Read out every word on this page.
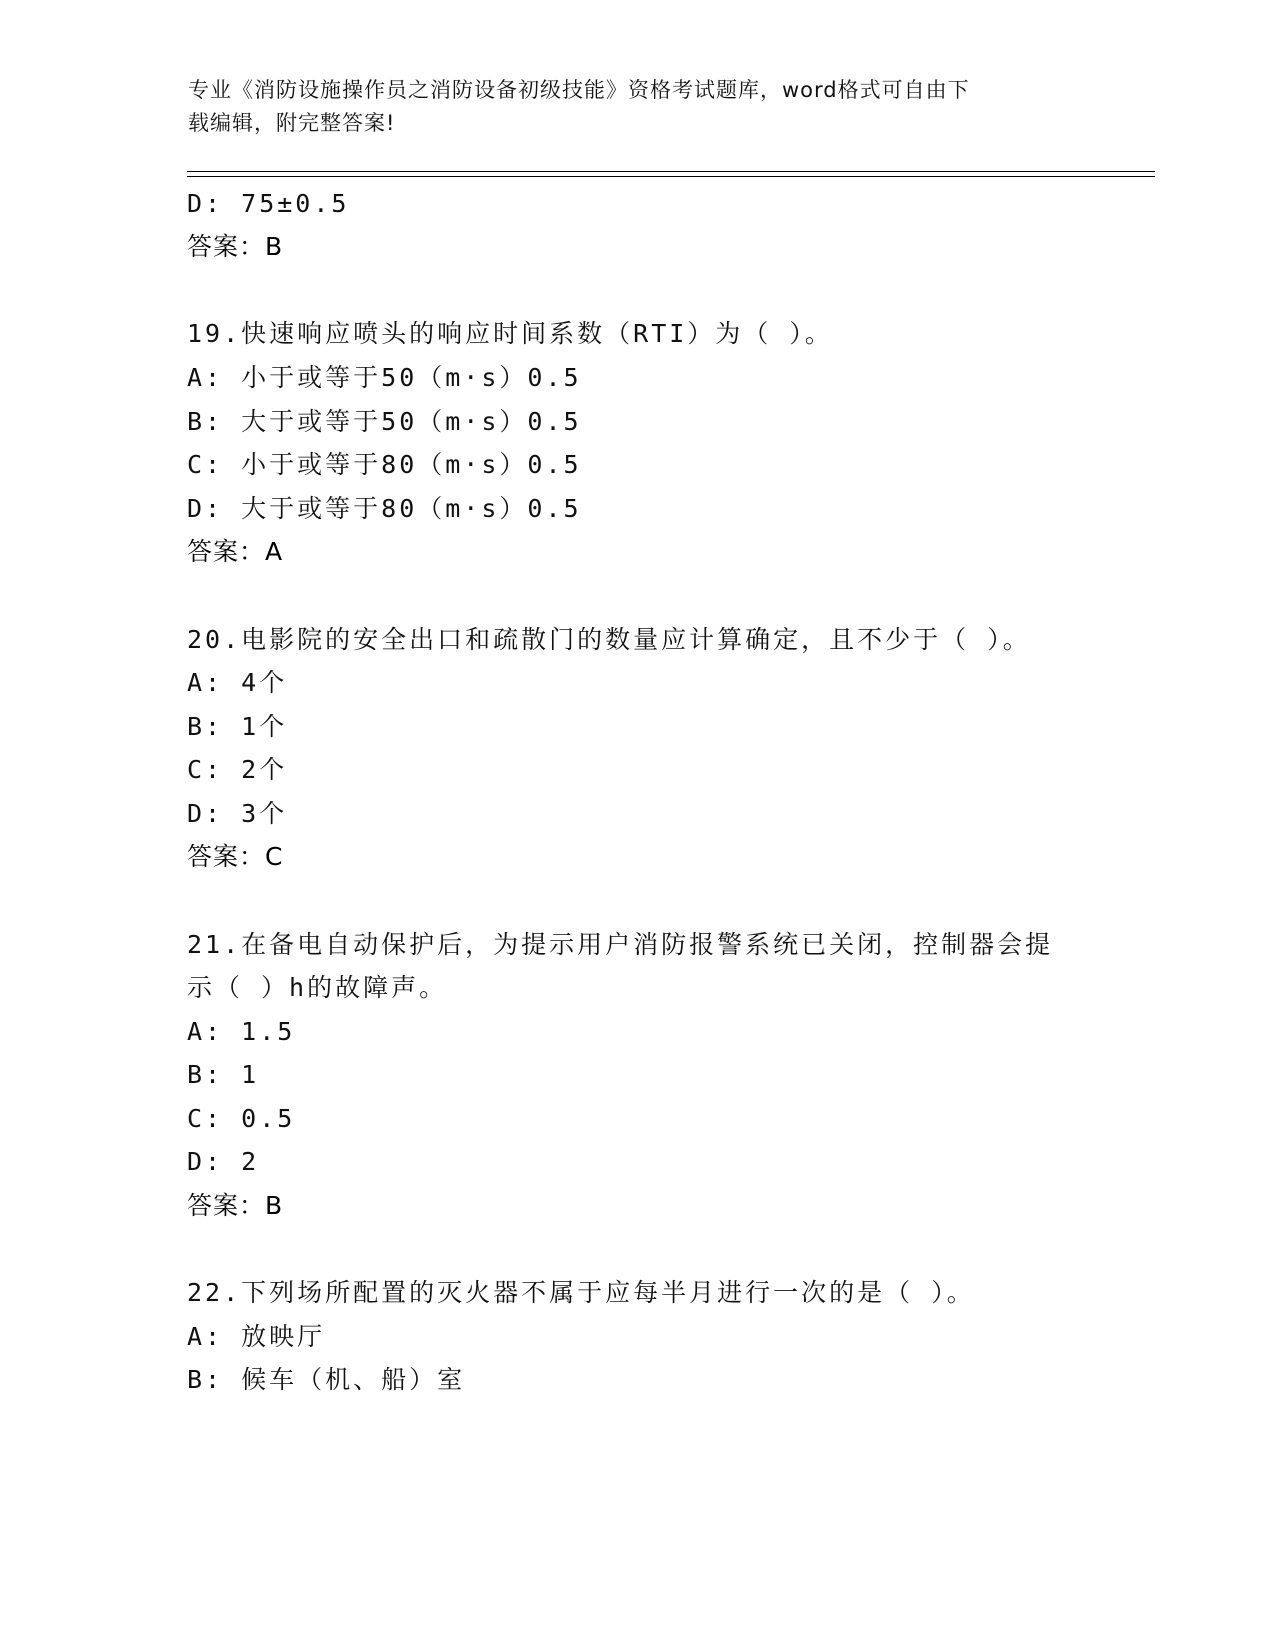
专业《消防设施操作员之消防设备初级技能》资格考试题库，word格式可自由下
载编辑，附完整答案!
D: 75±0.5
答案：B
19.快速响应喷头的响应时间系数（RTI）为（ ）。
A: 小于或等于50（m·s）0.5
B: 大于或等于50（m·s）0.5
C: 小于或等于80（m·s）0.5
D: 大于或等于80（m·s）0.5
答案：A
20.电影院的安全出口和疏散门的数量应计算确定，且不少于（ ）。
A: 4个
B: 1个
C: 2个
D: 3个
答案：C
21.在备电自动保护后，为提示用户消防报警系统已关闭，控制器会提
示（ ）h的故障声。
A: 1.5
B: 1
C: 0.5
D: 2
答案：B
22.下列场所配置的灭火器不属于应每半月进行一次的是（ ）。
A: 放映厅
B: 候车（机、船）室
